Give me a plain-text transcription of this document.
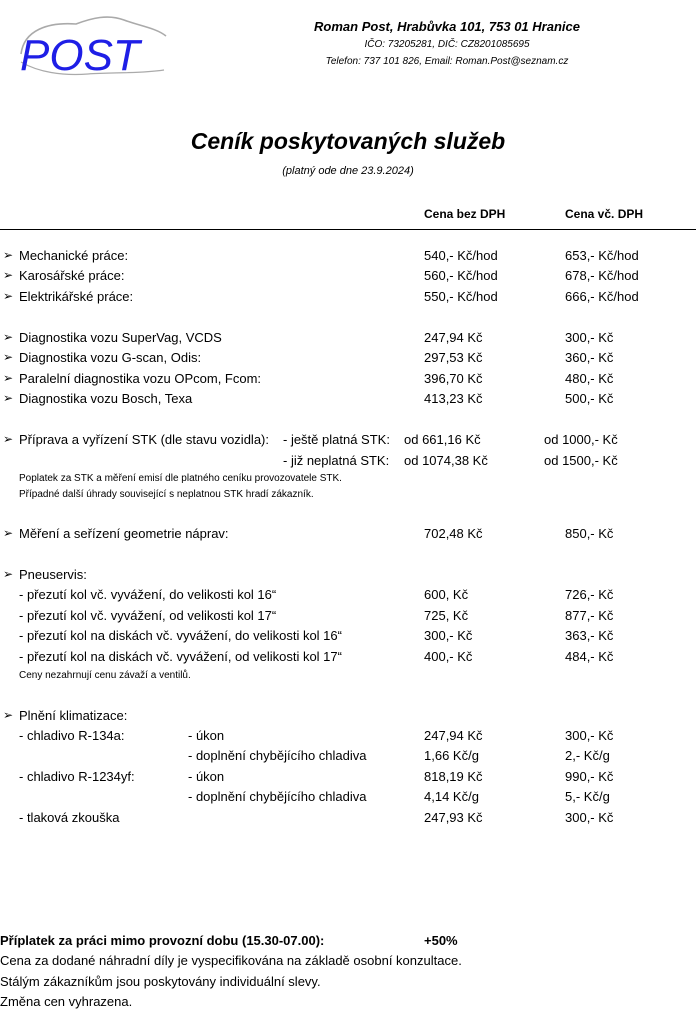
POST
Roman Post, Hrabůvka 101, 753 01 Hranice
IČO: 73205281, DIČ: CZ8201085695
Telefon: 737 101 826, Email: Roman.Post@seznam.cz
Ceník poskytovaných služeb
(platný ode dne 23.9.2024)
Cena bez DPH	Cena vč. DPH
➢ Mechanické práce:	540,- Kč/hod	653,- Kč/hod
➢ Karosářské práce:	560,- Kč/hod	678,- Kč/hod
➢ Elektrikářské práce:	550,- Kč/hod	666,- Kč/hod
➢ Diagnostika vozu SuperVag, VCDS	247,94 Kč	300,- Kč
➢ Diagnostika vozu G-scan, Odis:	297,53 Kč	360,- Kč
➢ Paralelní diagnostika vozu OPcom, Fcom:	396,70 Kč	480,- Kč
➢ Diagnostika vozu Bosch, Texa	413,23 Kč	500,- Kč
➢ Příprava a vyřízení STK (dle stavu vozidla): - ještě platná STK: od 661,16 Kč	od 1000,- Kč
- již neplatná STK: od 1074,38 Kč	od 1500,- Kč
Poplatek za STK a měření emisí dle platného ceníku provozovatele STK.
Případné další úhrady související s neplatnou STK hradí zákazník.
➢ Měření a seřízení geometrie náprav:	702,48 Kč	850,- Kč
➢ Pneuservis:
- přezutí kol vč. vyvážení, do velikosti kol 16“	600, Kč	726,- Kč
- přezutí kol vč. vyvážení, od velikosti kol 17“	725, Kč	877,- Kč
- přezutí kol na diskách vč. vyvážení, do velikosti kol 16“	300,- Kč	363,- Kč
- přezutí kol na diskách vč. vyvážení, od velikosti kol 17“	400,- Kč	484,- Kč
Ceny nezahrnují cenu závaží a ventilů.
➢ Plnění klimatizace:
- chladivo R-134a:	- úkon	247,94 Kč	300,- Kč
- doplnění chybějícího chladiva	1,66 Kč/g	2,- Kč/g
- chladivo R-1234yf:	- úkon	818,19 Kč	990,- Kč
- doplnění chybějícího chladiva	4,14 Kč/g	5,- Kč/g
- tlaková zkouška	247,93 Kč	300,- Kč
Příplatek za práci mimo provozní dobu (15.30-07.00):	+50%
Cena za dodané náhradní díly je vyspecifikována na základě osobní konzultace.
Stálým zákazníkům jsou poskytovány individuální slevy.
Změna cen vyhrazena.
